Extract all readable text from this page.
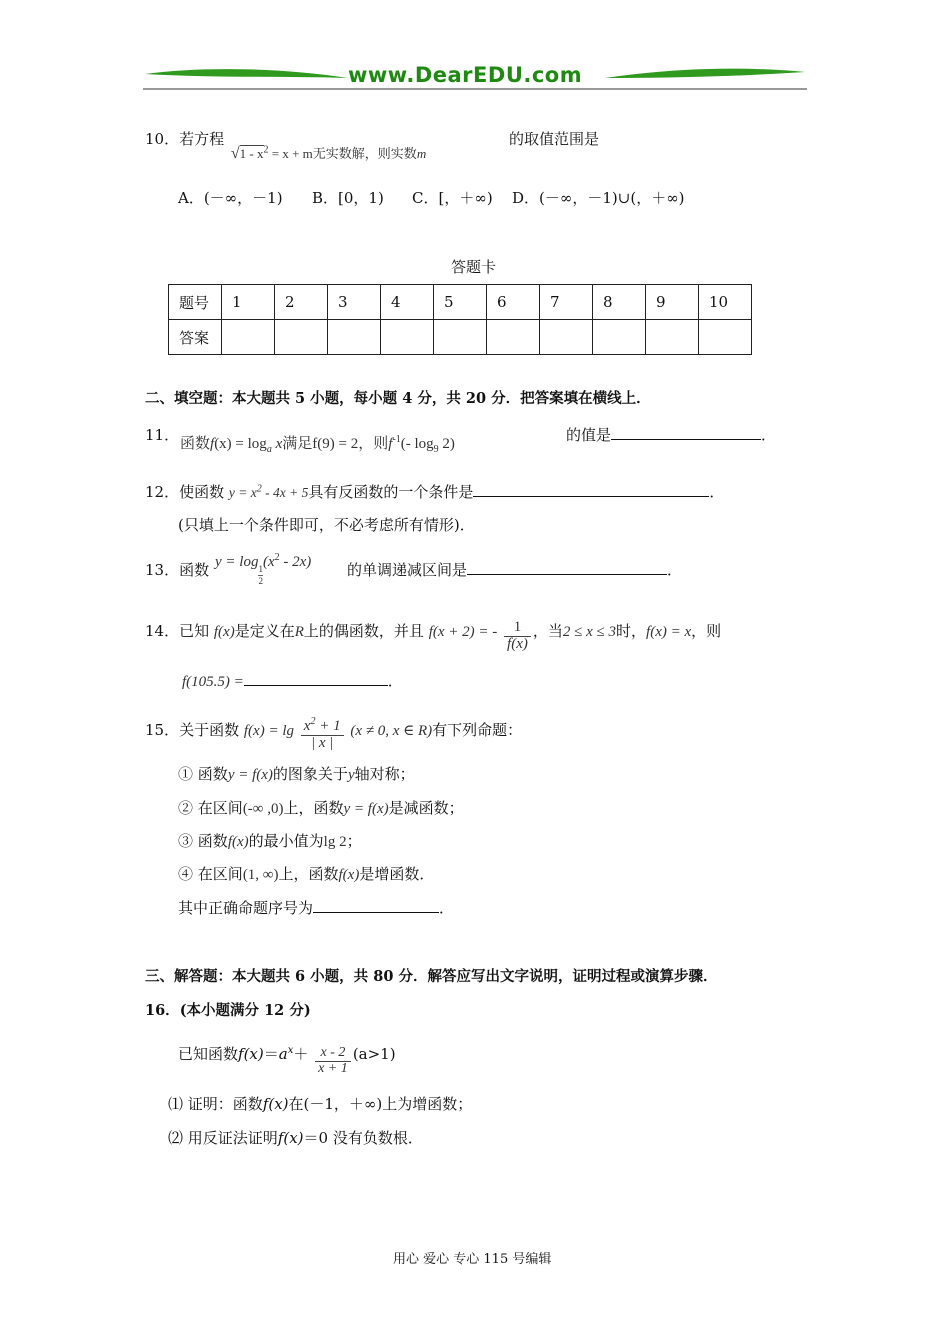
www.DearEDU.com
10．若方程 $√1 - x^2 = x + m$无实数解，则实数m
的取值范围是
A．(－∞，－1) B．[0，1) C．[，＋∞) D．(－∞，－1)∪(，＋∞)
答题卡
题号	1	2	3	4	5	6	7	8	9	10
答案										
二、填空题：本大题共 5 小题，每小题 4 分，共 20 分．把答案填在横线上．
11． 函数$f(x) = \log_a x$满足f(9) = 2，则$f^{-1}(-$ $\log_9 2$)	的值是	．
12．使函数 $y = x^2 - 4x + 5$具有反函数的一个条件是	．
(只填上一个条件即可，不必考虑所有情形)．
13．函数 y = log
$\frac{1}{2}$
$(x^2 - 2x)$ 的单调递减区间是	．
14．已知 f(x)是定义在R上的偶函数，并且 f(x + 2) = - $\frac{1}{f(x)}$ ，当2 ≤ x ≤ 3时，f(x) = x，则
f(105.5) =	．
15．关于函数 $f(x) = \lg \frac{x^2 + 1}{| x |} (x \ne 0$, x ∈ R)有下列命题：
① 函数y = f(x)的图象关于y轴对称；
② 在区间(-∞ ,0)上，函数y = f(x)是减函数；
③ 函数f(x)的最小值为lg 2；
④ 在区间(1, ∞)上，函数f(x)是增函数．
其中正确命题序号为	．
三、解答题：本大题共 6 小题，共 80 分．解答应写出文字说明，证明过程或演算步骤．
16．(本小题满分 12 分)
已知函数$f(x)=a^x+ \frac{x - 2}{x + 1} (a>1)$
⑴ 证明：函数f(x)在(－1，＋∞)上为增函数；
⑵ 用反证法证明f(x)＝0 没有负数根．
用心 爱心 专心 115 号编辑
